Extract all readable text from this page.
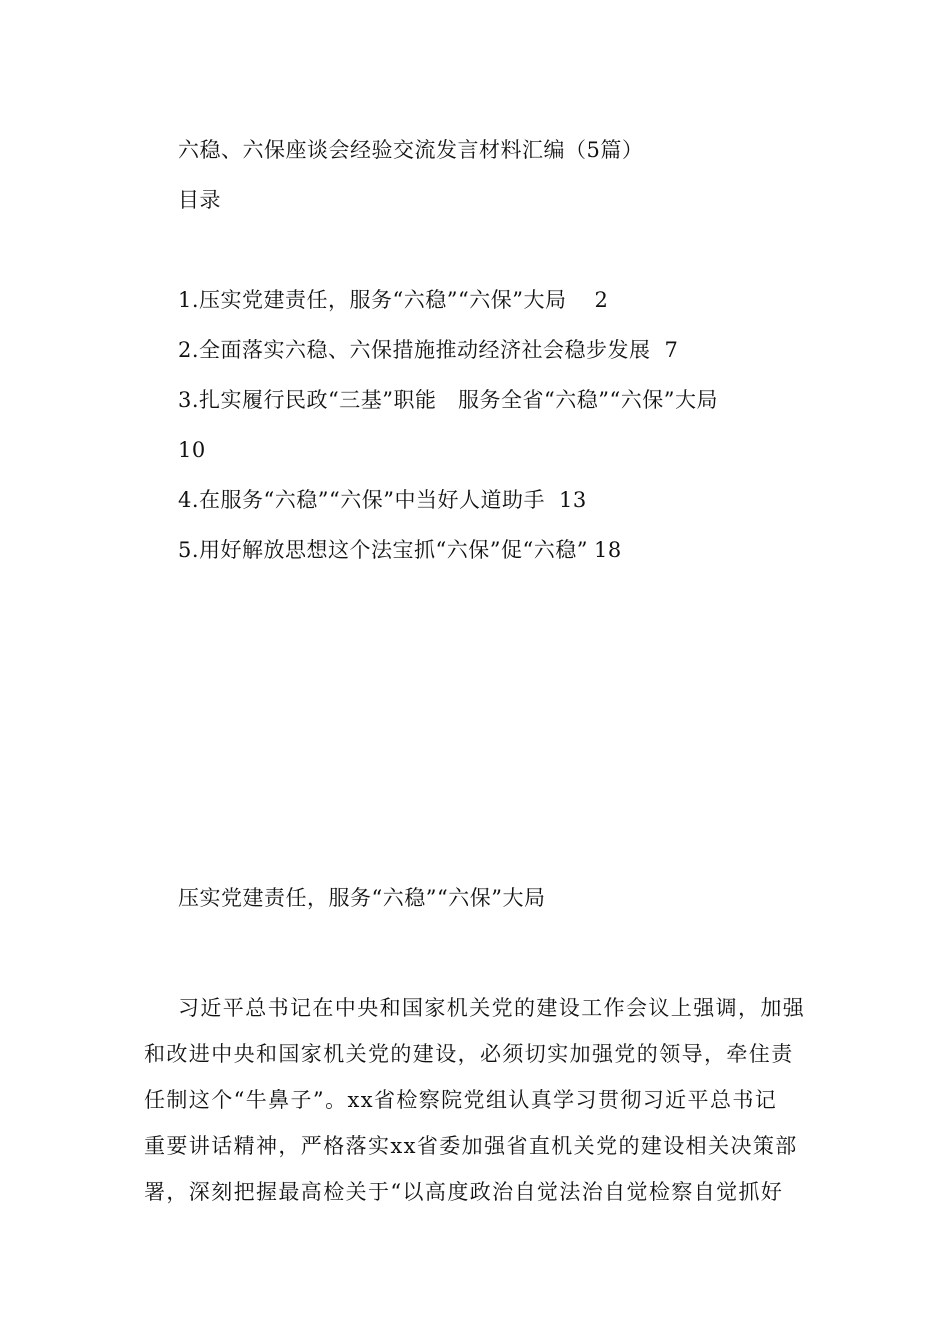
六稳、六保座谈会经验交流发言材料汇编（5篇）
目录
1.压实党建责任，服务“六稳”“六保”大局 2
2.全面落实六稳、六保措施推动经济社会稳步发展 7
3.扎实履行民政“三基”职能　服务全省“六稳”“六保”大局
10
4.在服务“六稳”“六保”中当好人道助手 13
5.用好解放思想这个法宝抓“六保”促“六稳” 18
压实党建责任，服务“六稳”“六保”大局
习近平总书记在中央和国家机关党的建设工作会议上强调，加强
和改进中央和国家机关党的建设，必须切实加强党的领导，牵住责
任制这个“牛鼻子”。xx省检察院党组认真学习贯彻习近平总书记
重要讲话精神，严格落实xx省委加强省直机关党的建设相关决策部
署，深刻把握最高检关于“以高度政治自觉法治自觉检察自觉抓好
